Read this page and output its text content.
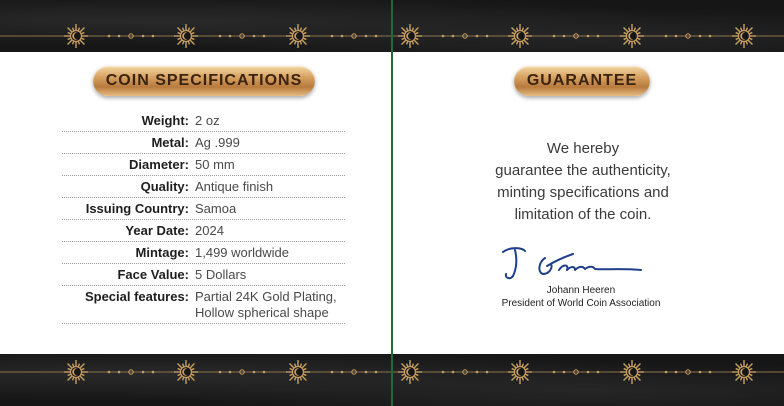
COIN SPECIFICATIONS
Weight: 2 oz
Metal: Ag .999
Diameter: 50 mm
Quality: Antique finish
Issuing Country: Samoa
Year Date: 2024
Mintage: 1,499 worldwide
Face Value: 5 Dollars
Special features: Partial 24K Gold Plating,
Hollow spherical shape
GUARANTEE
We hereby
guarantee the authenticity,
minting specifications and
limitation of the coin.
Johann Heeren
President of World Coin Association
